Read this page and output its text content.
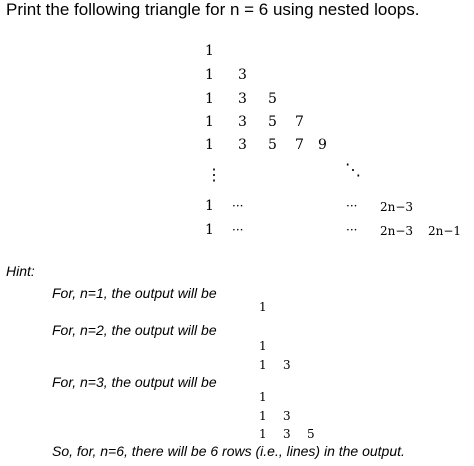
Print the following triangle for n = 6 using nested loops.
1
1 3
1 3 5
1 3 5 7
1 3 5 7 9
⋮	⋱
1 ···	··· 2n−3
1 ···	··· 2n−3 2n−1
Hint:
For, n=1, the output will be
1
For, n=2, the output will be
1
1 3
For, n=3, the output will be
1
1 3
1 3 5
So, for, n=6, there will be 6 rows (i.e., lines) in the output.
